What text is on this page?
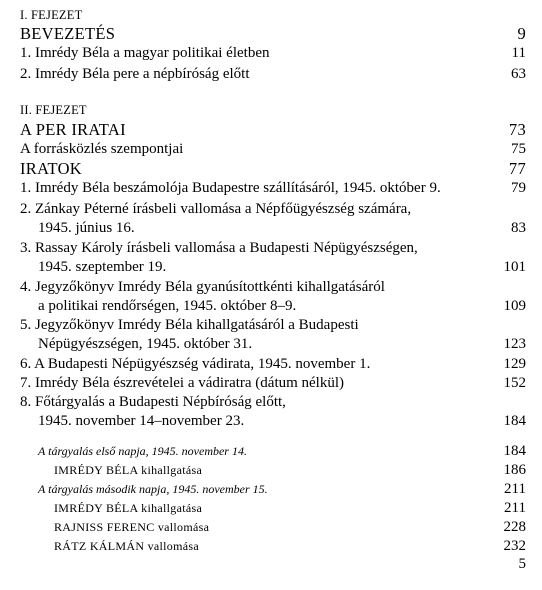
I. FEJEZET
BEVEZETÉS	9
1. Imrédy Béla a magyar politikai életben	11
2. Imrédy Béla pere a népbíróság előtt	63
II. FEJEZET
A PER IRATAI	73
A forrásközlés szempontjai	75
IRATOK	77
1. Imrédy Béla beszámolója Budapestre szállításáról, 1945. október 9.	79
2. Zánkay Péterné írásbeli vallomása a Népfőügyészség számára,
1945. június 16.	83
3. Rassay Károly írásbeli vallomása a Budapesti Népügyészségen,
1945. szeptember 19.	101
4. Jegyzőkönyv Imrédy Béla gyanúsítottkénti kihallgatásáról
a politikai rendőrségen, 1945. október 8–9.	109
5. Jegyzőkönyv Imrédy Béla kihallgatásáról a Budapesti
Népügyészségen, 1945. október 31.	123
6. A Budapesti Népügyészség vádirata, 1945. november 1.	129
7. Imrédy Béla észrevételei a vádiratra (dátum nélkül)	152
8. Főtárgyalás a Budapesti Népbíróság előtt,
1945. november 14–november 23.	184
A tárgyalás első napja, 1945. november 14.	184
IMRÉDY BÉLA kihallgatása	186
A tárgyalás második napja, 1945. november 15.	211
IMRÉDY BÉLA kihallgatása	211
RAJNISS FERENC vallomása	228
RÁTZ KÁLMÁN vallomása	232
5
